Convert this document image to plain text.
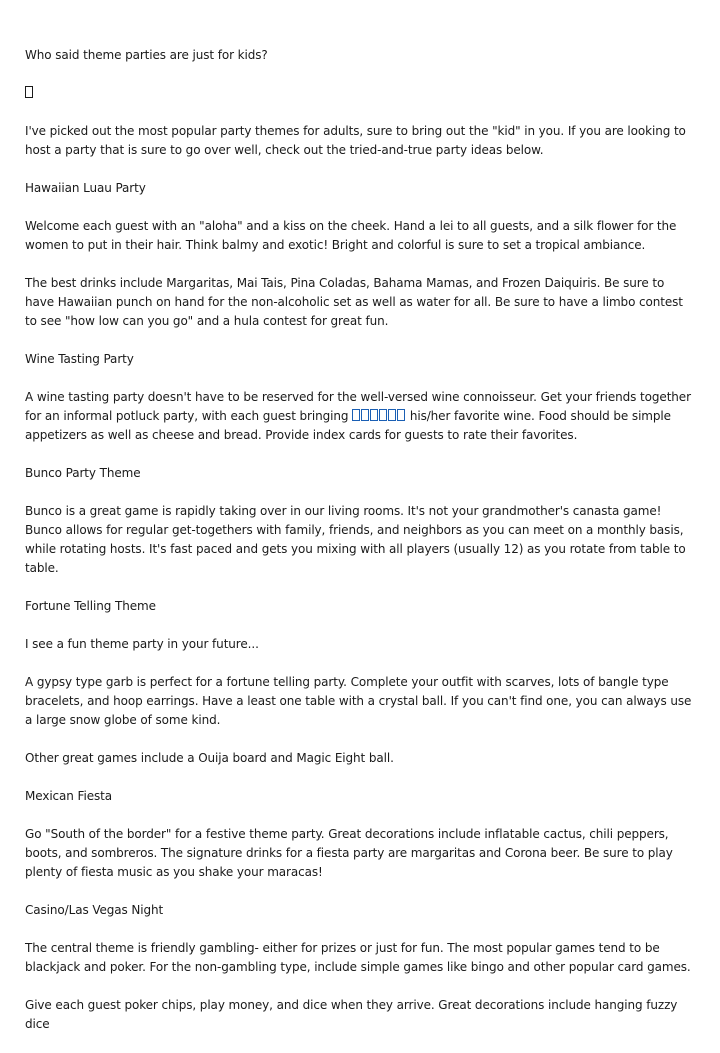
Who said theme parties are just for kids?

I've picked out the most popular party themes for adults, sure to bring out the "kid" in you. If you are looking to host a party that is sure to go over well, check out the tried-and-true party ideas below.

Hawaiian Luau Party

Welcome each guest with an "aloha" and a kiss on the cheek. Hand a lei to all guests, and a silk flower for the women to put in their hair. Think balmy and exotic! Bright and colorful is sure to set a tropical ambiance.

The best drinks include Margaritas, Mai Tais, Pina Coladas, Bahama Mamas, and Frozen Daiquiris. Be sure to have Hawaiian punch on hand for the non-alcoholic set as well as water for all. Be sure to have a limbo contest to see "how low can you go" and a hula contest for great fun.

Wine Tasting Party

A wine tasting party doesn't have to be reserved for the well-versed wine connoisseur. Get your friends together for an informal potluck party, with each guest bringing	his/her favorite wine. Food should be simple appetizers as well as cheese and bread. Provide index cards for guests to rate their favorites.

Bunco Party Theme

Bunco is a great game is rapidly taking over in our living rooms. It's not your grandmother's canasta game! Bunco allows for regular get-togethers with family, friends, and neighbors as you can meet on a monthly basis, while rotating hosts. It's fast paced and gets you mixing with all players (usually 12) as you rotate from table to table.

Fortune Telling Theme

I see a fun theme party in your future...

A gypsy type garb is perfect for a fortune telling party. Complete your outfit with scarves, lots of bangle type bracelets, and hoop earrings. Have a least one table with a crystal ball. If you can't find one, you can always use a large snow globe of some kind.

Other great games include a Ouija board and Magic Eight ball.

Mexican Fiesta

Go "South of the border" for a festive theme party. Great decorations include inflatable cactus, chili peppers, boots, and sombreros. The signature drinks for a fiesta party are margaritas and Corona beer. Be sure to play plenty of fiesta music as you shake your maracas!

Casino/Las Vegas Night

The central theme is friendly gambling- either for prizes or just for fun. The most popular games tend to be blackjack and poker. For the non-gambling type, include simple games like bingo and other popular card games.

Give each guest poker chips, play money, and dice when they arrive. Great decorations include hanging fuzzy dice
